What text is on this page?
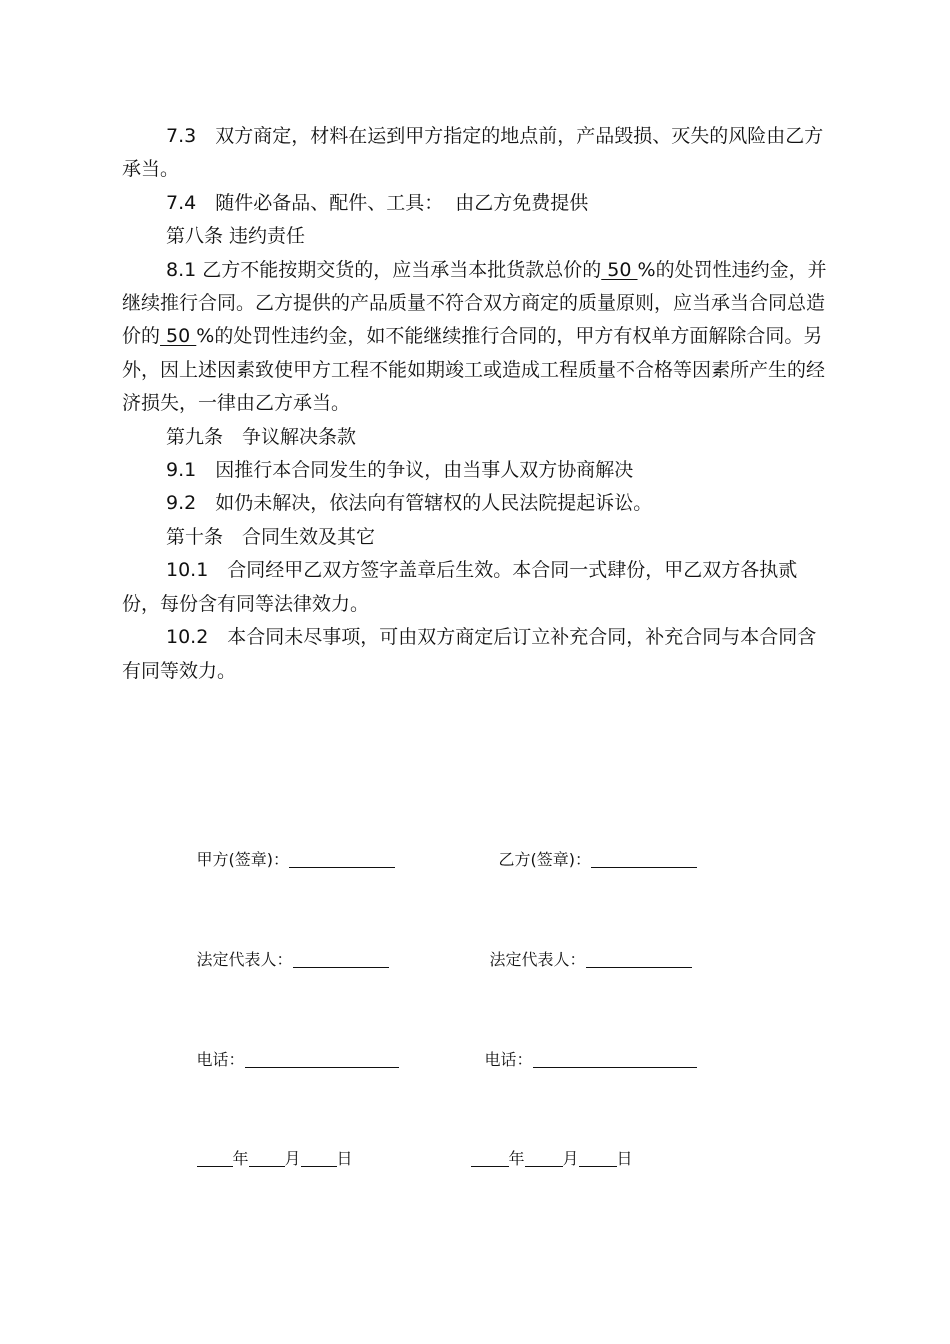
7.3　双方商定，材料在运到甲方指定的地点前，产品毁损、灭失的风险由乙方承当。

7.4　随件必备品、配件、工具：  由乙方免费提供

第八条 违约责任

8.1 乙方不能按期交货的，应当承当本批货款总价的 50 %的处罚性违约金，并继续推行合同。乙方提供的产品质量不符合双方商定的质量原则，应当承当合同总造价的 50 %的处罚性违约金，如不能继续推行合同的，甲方有权单方面解除合同。另外，因上述因素致使甲方工程不能如期竣工或造成工程质量不合格等因素所产生的经济损失，一律由乙方承当。

第九条　争议解决条款

9.1　因推行本合同发生的争议，由当事人双方协商解决

9.2　如仍未解决，依法向有管辖权的人民法院提起诉讼。

第十条　合同生效及其它

10.1　合同经甲乙双方签字盖章后生效。本合同一式肆份，甲乙双方各执贰份，每份含有同等法律效力。

10.2　本合同未尽事项，可由双方商定后订立补充合同，补充合同与本合同含有同等效力。

甲方(签章)：
	乙方(签章)：

法定代表人：
	法定代表人：

电话：
	电话：

年 月 日
	年 月 日
